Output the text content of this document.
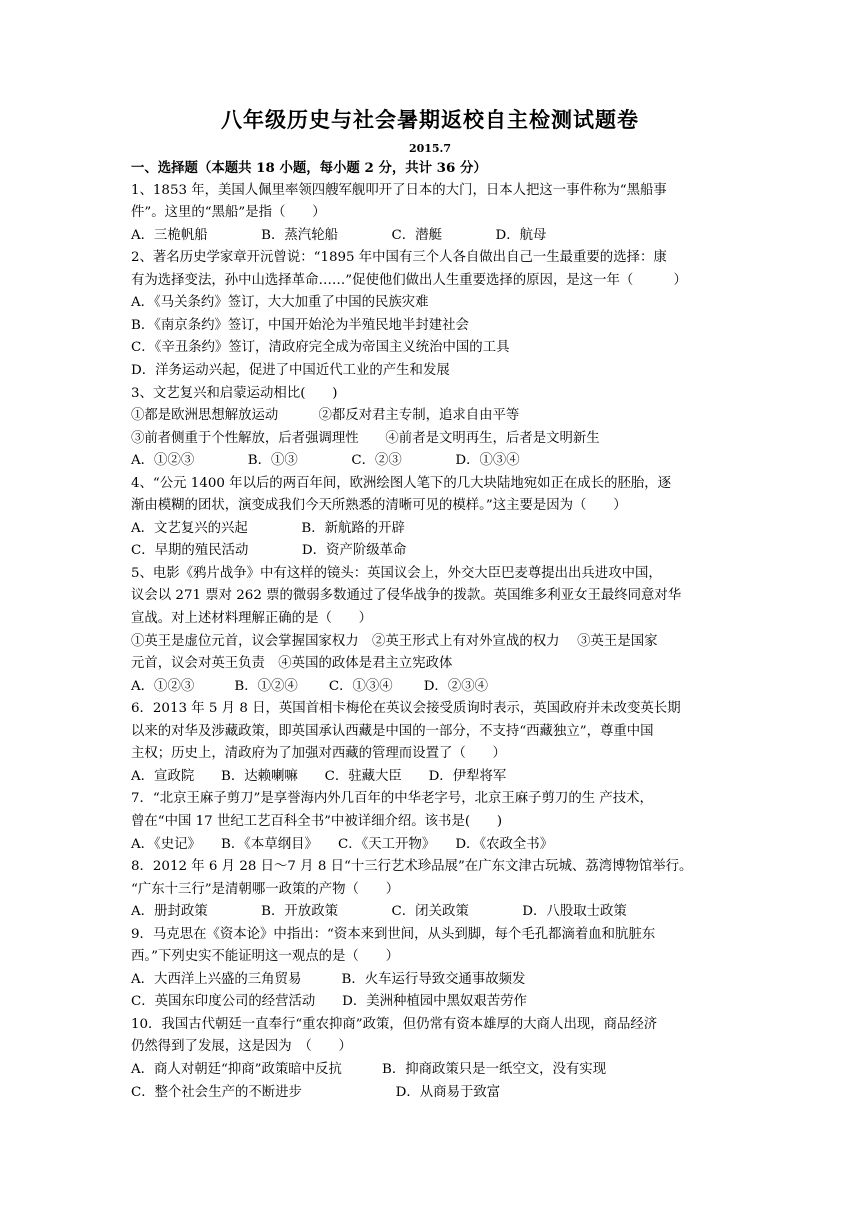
八年级历史与社会暑期返校自主检测试题卷
2015.7
一、选择题（本题共 18 小题，每小题 2 分，共计 36 分）
1、1853 年，美国人佩里率领四艘军舰叩开了日本的大门，日本人把这一事件称为“黑船事
件”。这里的“黑船”是指（　　）
A．三桅帆船　　　　B．蒸汽轮船　　　　C．潜艇　　　　D．航母
2、著名历史学家章开沅曾说：“1895 年中国有三个人各自做出自己一生最重要的选择：康
有为选择变法，孙中山选择革命……”促使他们做出人生重要选择的原因，是这一年（　　　）
A．《马关条约》签订，大大加重了中国的民族灾难
B．《南京条约》签订，中国开始沦为半殖民地半封建社会
C．《辛丑条约》签订，清政府完全成为帝国主义统治中国的工具
D．洋务运动兴起，促进了中国近代工业的产生和发展
3、文艺复兴和启蒙运动相比(　　)
①都是欧洲思想解放运动　　　②都反对君主专制，追求自由平等
③前者侧重于个性解放，后者强调理性　　④前者是文明再生，后者是文明新生
A．①②③　　　　B．①③　　　　C．②③　　　　D．①③④
4、“公元 1400 年以后的两百年间，欧洲绘图人笔下的几大块陆地宛如正在成长的胚胎，逐
渐由模糊的团状，演变成我们今天所熟悉的清晰可见的模样。”这主要是因为（　　）
A．文艺复兴的兴起　　　　B．新航路的开辟
C．早期的殖民活动　　　　D．资产阶级革命
5、电影《鸦片战争》中有这样的镜头：英国议会上，外交大臣巴麦尊提出出兵进攻中国，
议会以 271 票对 262 票的微弱多数通过了侵华战争的拨款。英国维多利亚女王最终同意对华
宣战。对上述材料理解正确的是（　　）
①英王是虚位元首，议会掌握国家权力　②英王形式上有对外宣战的权力　 ③英王是国家
元首，议会对英王负责　④英国的政体是君主立宪政体
A．①②③　　　B．①②④　　 C．①③④　　 D．②③④
6．2013 年 5 月 8 日，英国首相卡梅伦在英议会接受质询时表示，英国政府并未改变英长期
以来的对华及涉藏政策，即英国承认西藏是中国的一部分，不支持“西藏独立”，尊重中国
主权；历史上，清政府为了加强对西藏的管理而设置了（　　）
A．宣政院　　B．达赖喇嘛　　C．驻藏大臣　　D．伊犁将军
7．“北京王麻子剪刀”是享誉海内外几百年的中华老字号，北京王麻子剪刀的生 产技术，
曾在“中国 17 世纪工艺百科全书”中被详细介绍。该书是(　　)
A．《史记》　　B．《本草纲目》　　C．《天工开物》　　D．《农政全书》
8．2012 年 6 月 28 日～7 月 8 日“十三行艺术珍品展”在广东文津古玩城、荔湾博物馆举行。
“广东十三行”是清朝哪一政策的产物（　　）
A．册封政策　　　　B．开放政策　　　　C．闭关政策　　　　D．八股取士政策
9．马克思在《资本论》中指出：“资本来到世间，从头到脚，每个毛孔都滴着血和肮脏东
西。”下列史实不能证明这一观点的是（　　）
A．大西洋上兴盛的三角贸易　　　B．火车运行导致交通事故频发
C．英国东印度公司的经营活动　　D．美洲种植园中黑奴艰苦劳作
10．我国古代朝廷一直奉行“重农抑商”政策，但仍常有资本雄厚的大商人出现，商品经济
仍然得到了发展，这是因为　（　　）
A．商人对朝廷“抑商”政策暗中反抗　　　B．抑商政策只是一纸空文，没有实现
C．整个社会生产的不断进步　　　　　　　D．从商易于致富
